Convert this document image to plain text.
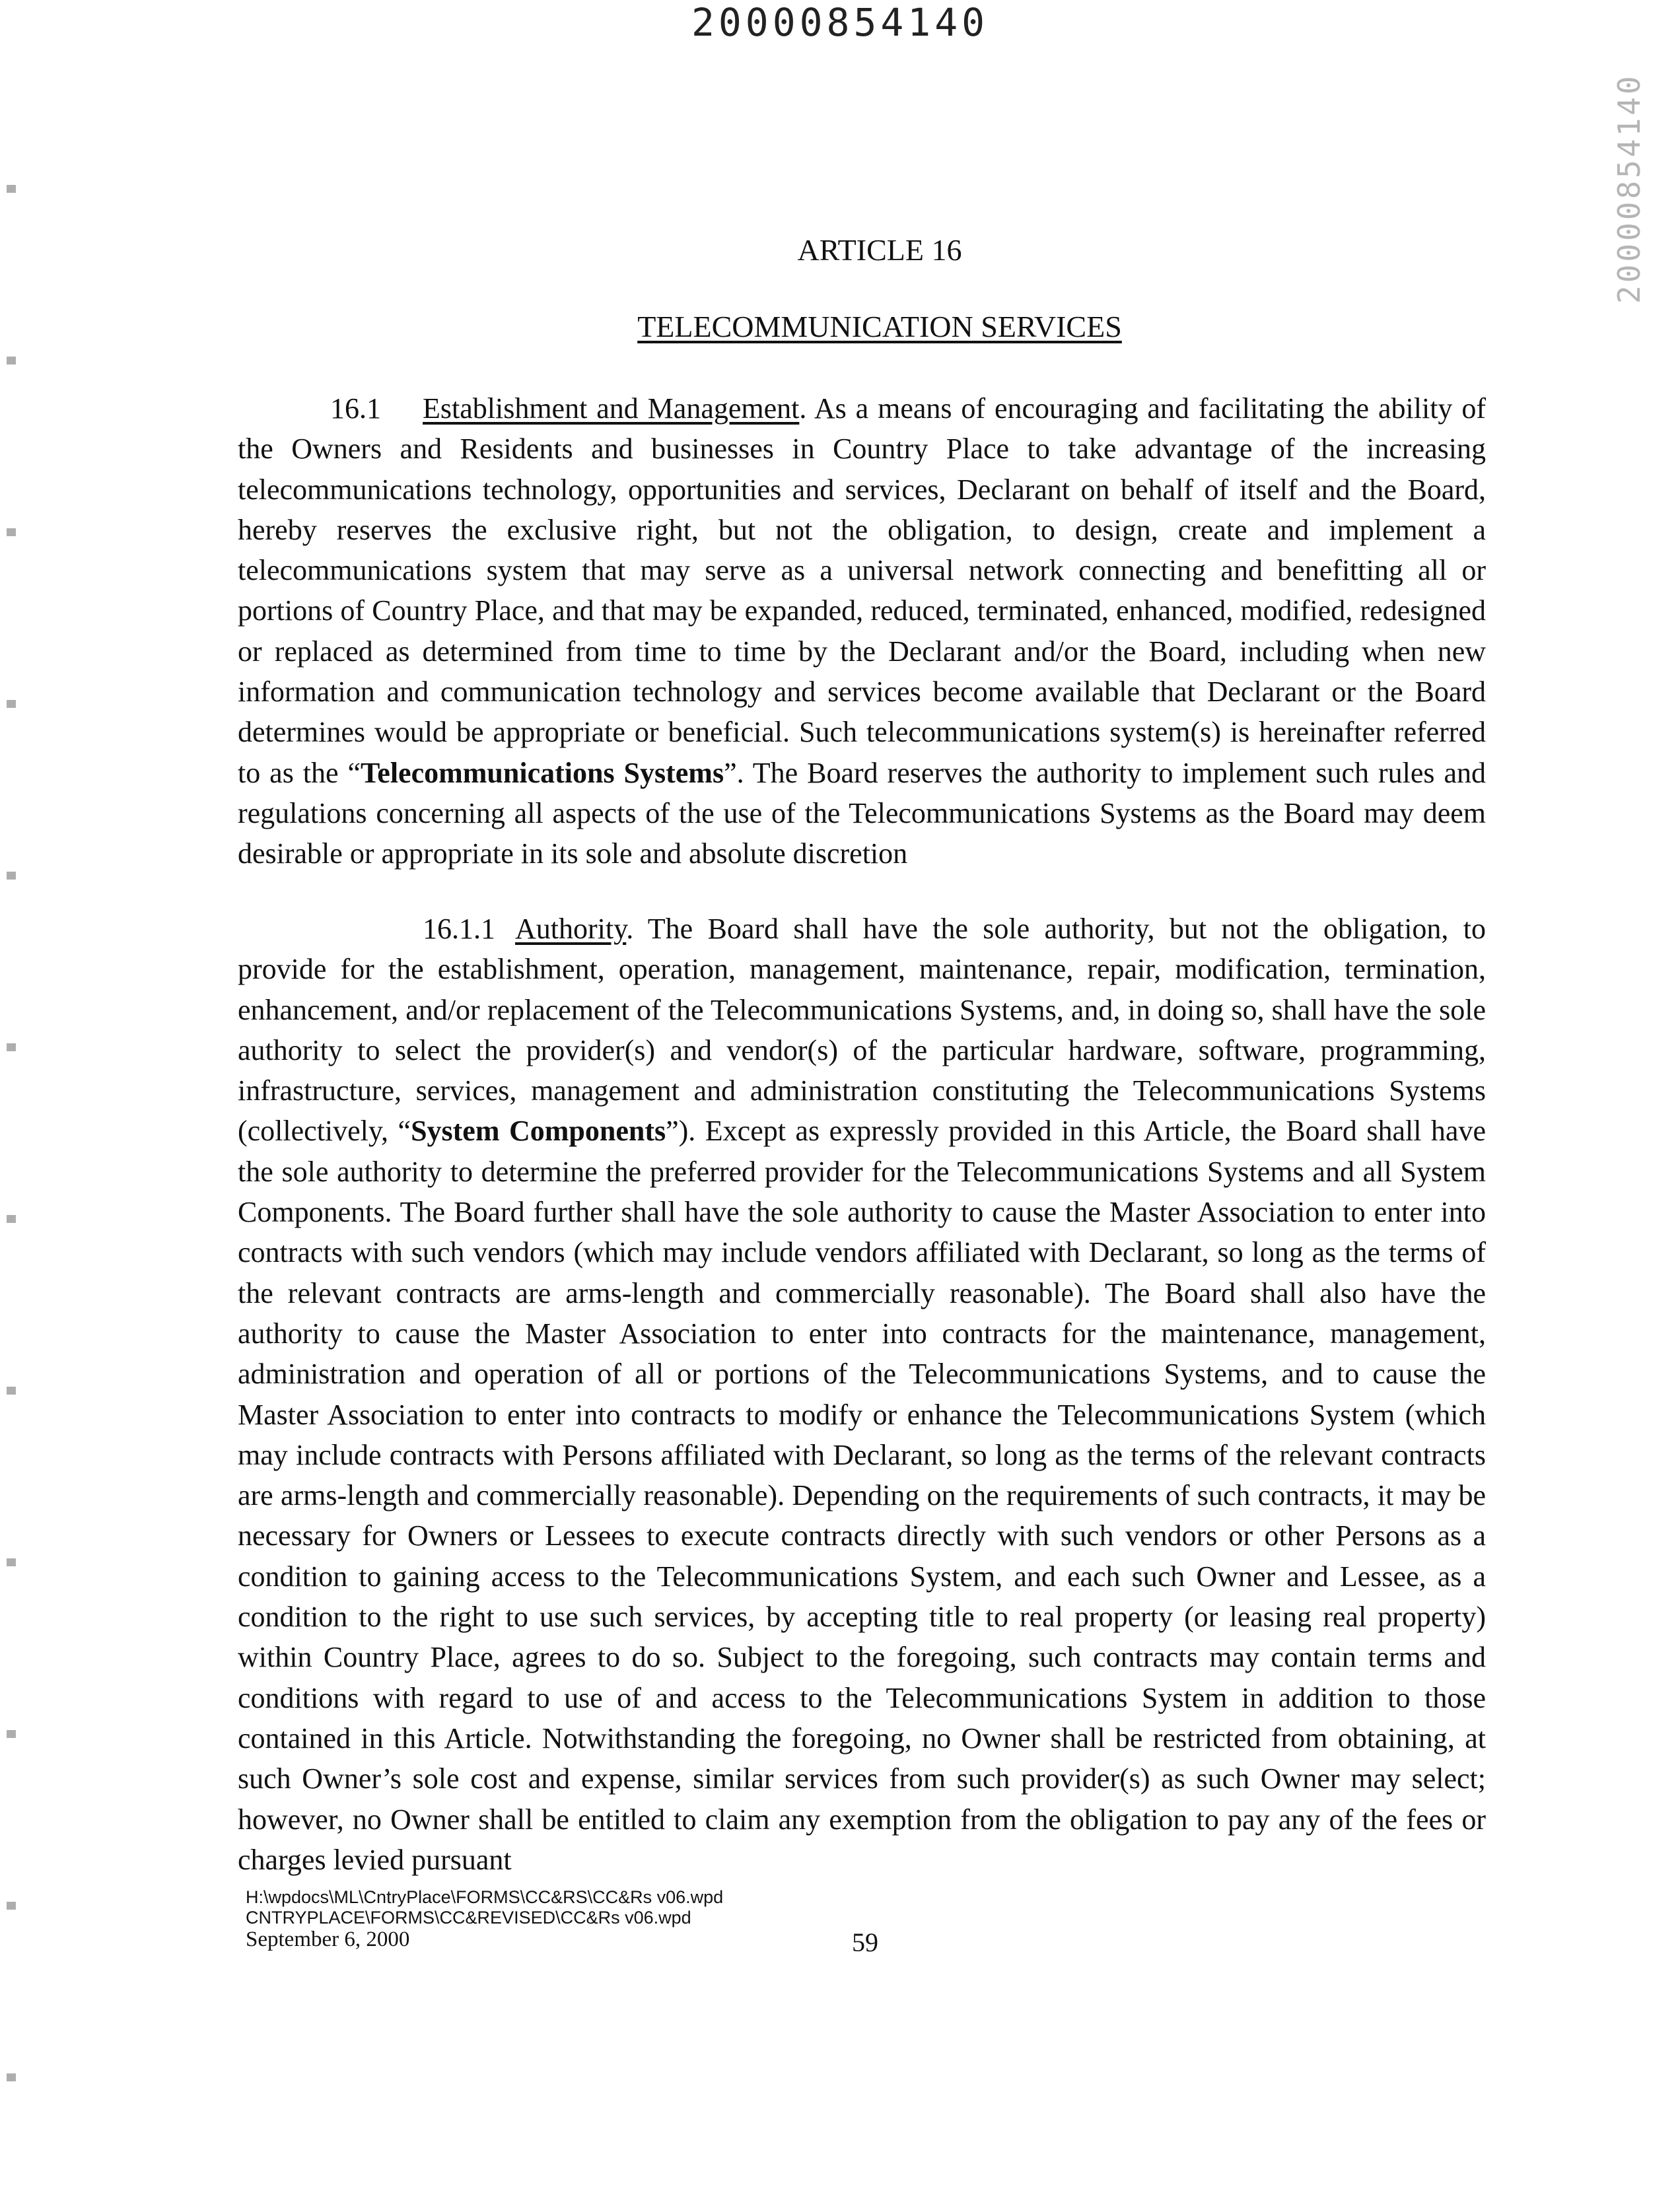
20000854140
20000854140
ARTICLE 16
TELECOMMUNICATION SERVICES

16.1 Establishment and Management. As a means of encouraging and facilitating the ability of the Owners and Residents and businesses in Country Place to take advantage of the increasing telecommunications technology, opportunities and services, Declarant on behalf of itself and the Board, hereby reserves the exclusive right, but not the obligation, to design, create and implement a telecommunications system that may serve as a universal network connecting and benefitting all or portions of Country Place, and that may be expanded, reduced, terminated, enhanced, modified, redesigned or replaced as determined from time to time by the Declarant and/or the Board, including when new information and communication technology and services become available that Declarant or the Board determines would be appropriate or beneficial. Such telecommunications system(s) is hereinafter referred to as the “Telecommunications Systems”. The Board reserves the authority to implement such rules and regulations concerning all aspects of the use of the Telecommunications Systems as the Board may deem desirable or appropriate in its sole and absolute discretion

16.1.1 Authority. The Board shall have the sole authority, but not the obligation, to provide for the establishment, operation, management, maintenance, repair, modification, termination, enhancement, and/or replacement of the Telecommunications Systems, and, in doing so, shall have the sole authority to select the provider(s) and vendor(s) of the particular hardware, software, programming, infrastructure, services, management and administration constituting the Telecommunications Systems (collectively, “System Components”). Except as expressly provided in this Article, the Board shall have the sole authority to determine the preferred provider for the Telecommunications Systems and all System Components. The Board further shall have the sole authority to cause the Master Association to enter into contracts with such vendors (which may include vendors affiliated with Declarant, so long as the terms of the relevant contracts are arms-length and commercially reasonable). The Board shall also have the authority to cause the Master Association to enter into contracts for the maintenance, management, administration and operation of all or portions of the Telecommunications Systems, and to cause the Master Association to enter into contracts to modify or enhance the Telecommunications System (which may include contracts with Persons affiliated with Declarant, so long as the terms of the relevant contracts are arms-length and commercially reasonable). Depending on the requirements of such contracts, it may be necessary for Owners or Lessees to execute contracts directly with such vendors or other Persons as a condition to gaining access to the Telecommunications System, and each such Owner and Lessee, as a condition to the right to use such services, by accepting title to real property (or leasing real property) within Country Place, agrees to do so. Subject to the foregoing, such contracts may contain terms and conditions with regard to use of and access to the Telecommunications System in addition to those contained in this Article. Notwithstanding the foregoing, no Owner shall be restricted from obtaining, at such Owner’s sole cost and expense, similar services from such provider(s) as such Owner may select; however, no Owner shall be entitled to claim any exemption from the obligation to pay any of the fees or charges levied pursuant

H:\wpdocs\ML\CntryPlace\FORMS\CC&RS\CC&Rs v06.wpd
CNTRYPLACE\FORMS\CC&REVISED\CC&Rs v06.wpd
September 6, 2000	59
